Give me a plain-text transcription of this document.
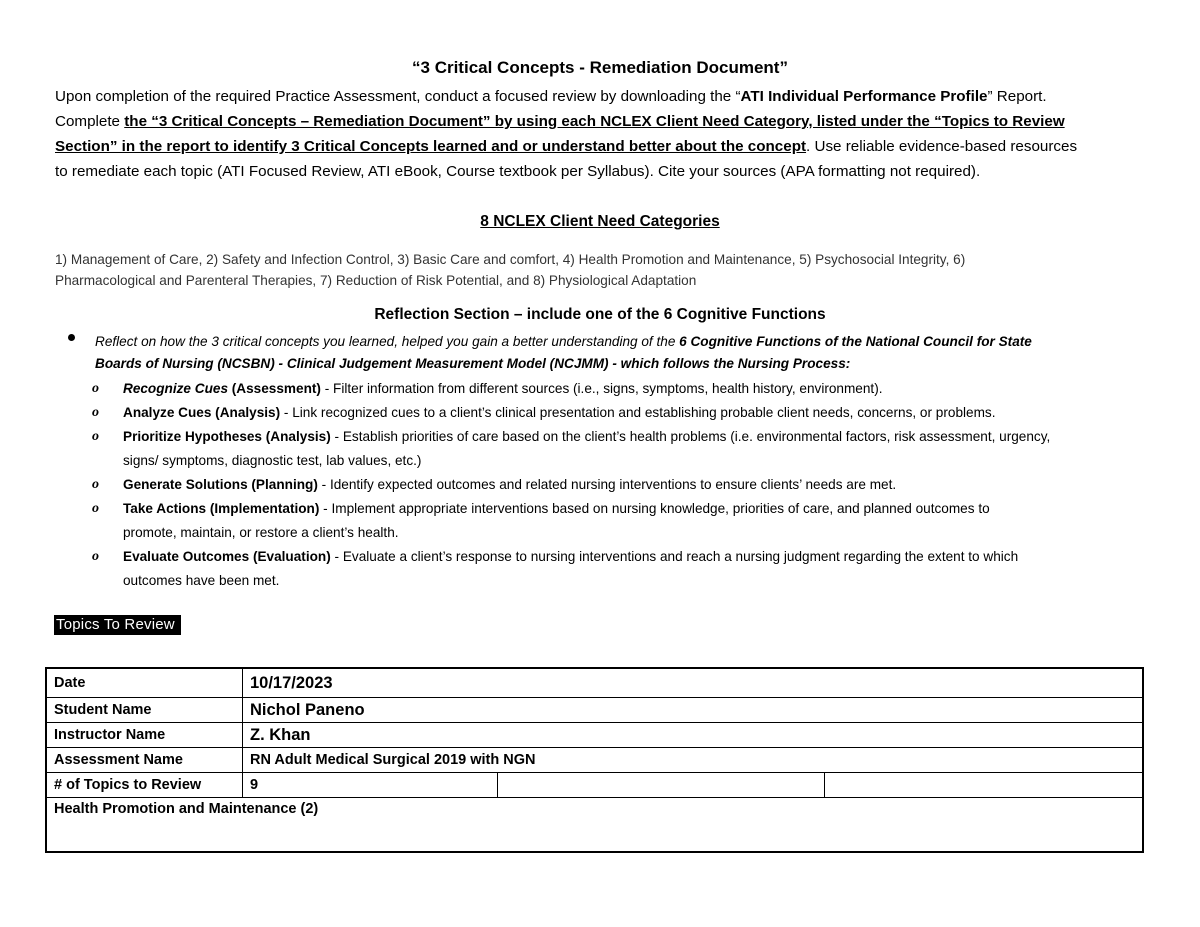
“3 Critical Concepts - Remediation Document”
Upon completion of the required Practice Assessment, conduct a focused review by downloading the “ATI Individual Performance Profile” Report.
Complete the “3 Critical Concepts – Remediation Document” by using each NCLEX Client Need Category, listed under the “Topics to Review
Section” in the report to identify 3 Critical Concepts learned and or understand better about the concept. Use reliable evidence-based resources
to remediate each topic (ATI Focused Review, ATI eBook, Course textbook per Syllabus). Cite your sources (APA formatting not required).
8 NCLEX Client Need Categories
1) Management of Care, 2) Safety and Infection Control, 3) Basic Care and comfort, 4) Health Promotion and Maintenance, 5) Psychosocial Integrity, 6)
Pharmacological and Parenteral Therapies, 7) Reduction of Risk Potential, and 8) Physiological Adaptation
Reflection Section – include one of the 6 Cognitive Functions
Reflect on how the 3 critical concepts you learned, helped you gain a better understanding of the 6 Cognitive Functions of the National Council for State
Boards of Nursing (NCSBN) - Clinical Judgement Measurement Model (NCJMM) - which follows the Nursing Process:
o Recognize Cues (Assessment) - Filter information from different sources (i.e., signs, symptoms, health history, environment).
o Analyze Cues (Analysis) - Link recognized cues to a client’s clinical presentation and establishing probable client needs, concerns, or problems.
o Prioritize Hypotheses (Analysis) - Establish priorities of care based on the client’s health problems (i.e. environmental factors, risk assessment, urgency,
signs/ symptoms, diagnostic test, lab values, etc.)
o Generate Solutions (Planning) - Identify expected outcomes and related nursing interventions to ensure clients’ needs are met.
o Take Actions (Implementation) - Implement appropriate interventions based on nursing knowledge, priorities of care, and planned outcomes to
promote, maintain, or restore a client’s health.
o Evaluate Outcomes (Evaluation) - Evaluate a client’s response to nursing interventions and reach a nursing judgment regarding the extent to which
outcomes have been met.
Topics To Review
Date	10/17/2023		
Student Name	Nichol Paneno		
Instructor Name	Z. Khan		
Assessment Name	RN Adult Medical Surgical 2019 with NGN		
# of Topics to Review	9		
Health Promotion and Maintenance (2)			
